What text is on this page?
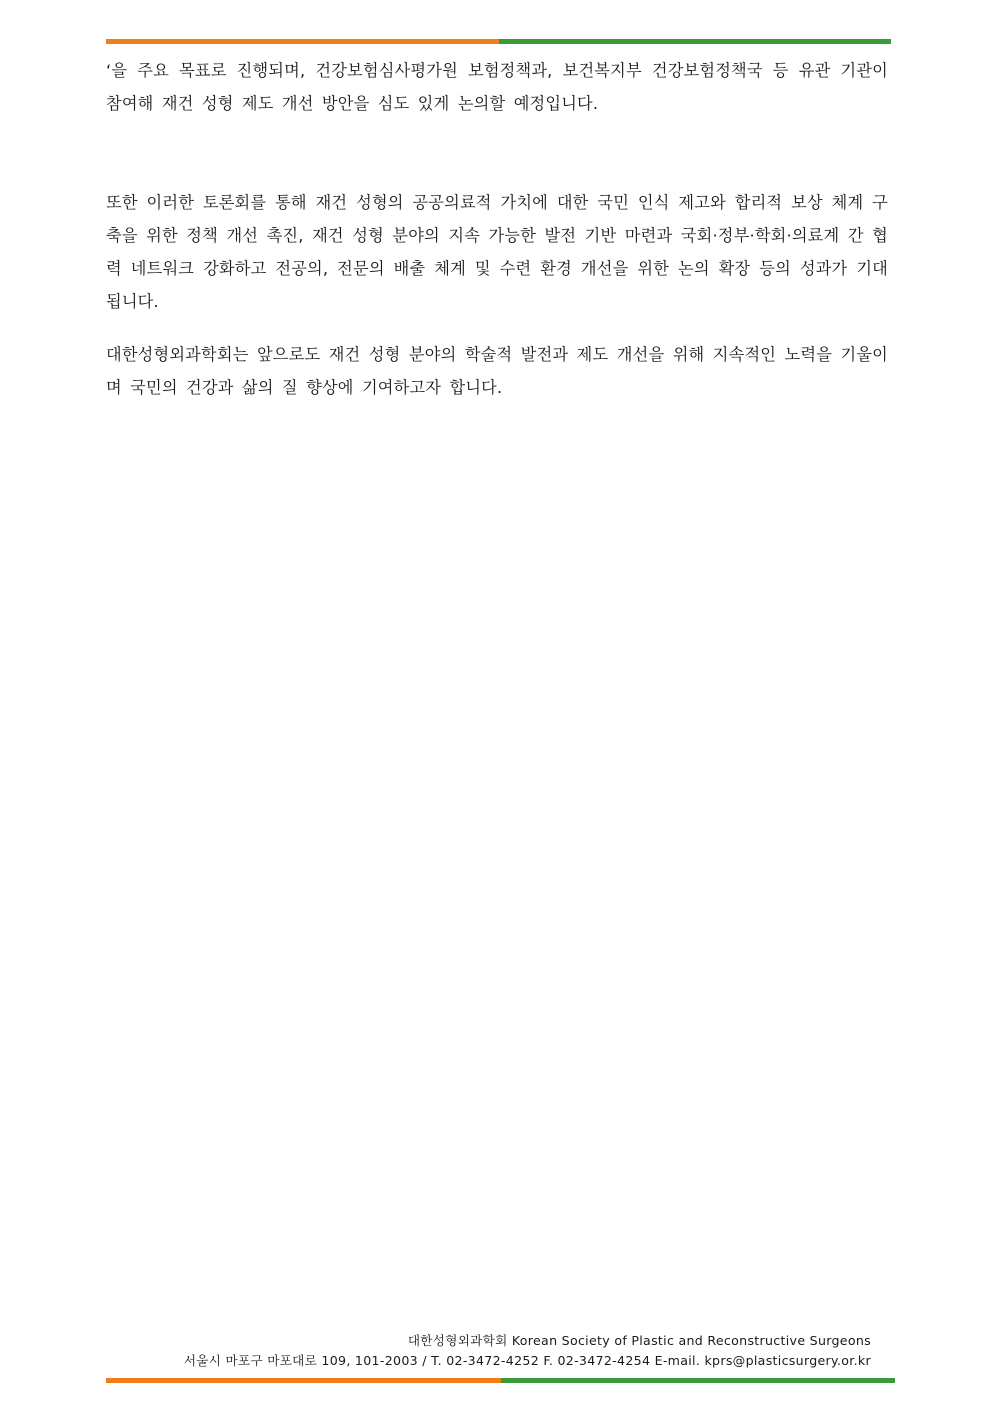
‘을 주요 목표로 진행되며, 건강보험심사평가원 보험정책과, 보건복지부 건강보험정책국 등 유관 기관이 참여해 재건 성형 제도 개선 방안을 심도 있게 논의할 예정입니다.

또한 이러한 토론회를 통해 재건 성형의 공공의료적 가치에 대한 국민 인식 제고와 합리적 보상 체계 구축을 위한 정책 개선 촉진, 재건 성형 분야의 지속 가능한 발전 기반 마련과 국회·정부·학회·의료계 간 협력 네트워크 강화하고 전공의, 전문의 배출 체계 및 수련 환경 개선을 위한 논의 확장 등의 성과가 기대됩니다.

대한성형외과학회는 앞으로도 재건 성형 분야의 학술적 발전과 제도 개선을 위해 지속적인 노력을 기울이며 국민의 건강과 삶의 질 향상에 기여하고자 합니다.

대한성형외과학회 Korean Society of Plastic and Reconstructive Surgeons
서울시 마포구 마포대로 109, 101-2003 / T. 02-3472-4252 F. 02-3472-4254 E-mail. kprs@plasticsurgery.or.kr
